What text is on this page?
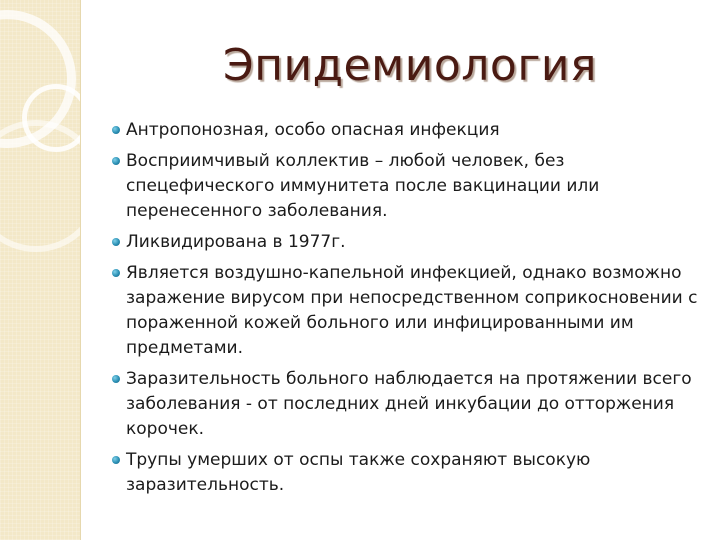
Эпидемиология
Антропонозная, особо опасная инфекция
Восприимчивый коллектив – любой человек, без спецефического иммунитета после вакцинации или перенесенного заболевания.
Ликвидирована в 1977г.
Является воздушно-капельной инфекцией, однако возможно заражение вирусом при непосредственном соприкосновении с пораженной кожей больного или инфицированными им предметами.
Заразительность больного наблюдается на протяжении всего заболевания - от последних дней инкубации до отторжения корочек.
Трупы умерших от оспы также сохраняют высокую заразительность.
